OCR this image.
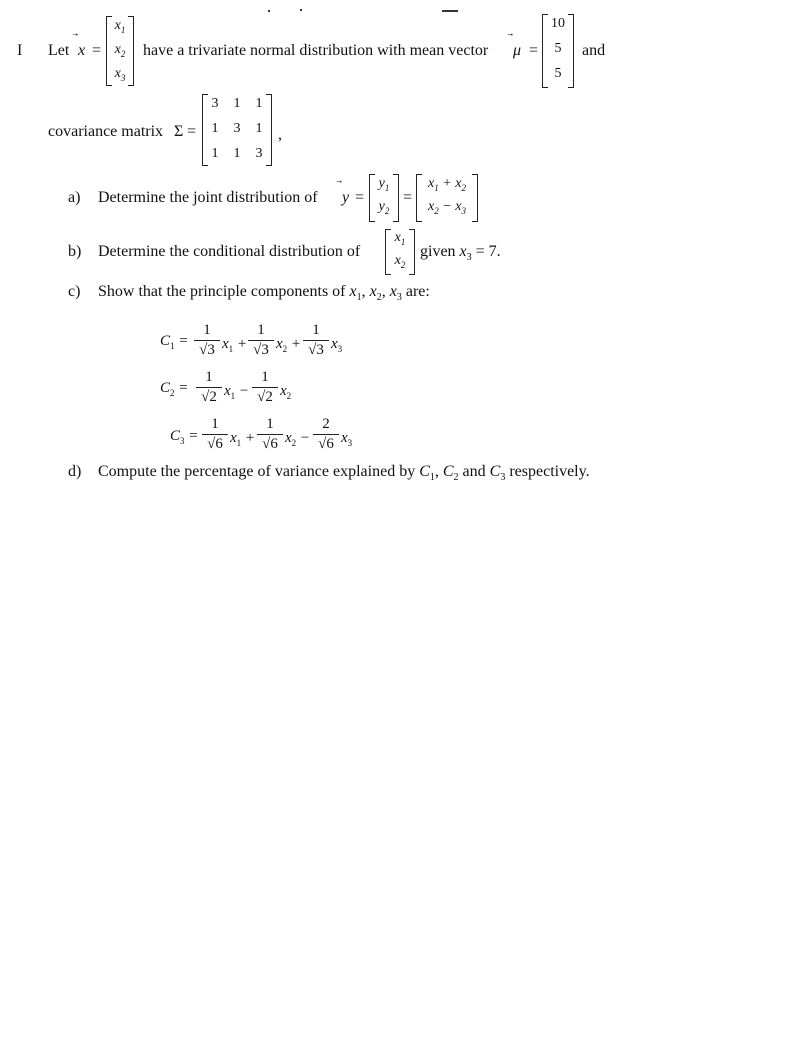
I Let x =
$x_1$
$x_2$
$x_3$
have a trivariate normal distribution with mean vector μ =
10
5
5
and
covariance matrix Σ =
3	1	1
1	3	1
1	1	3
,
a) Determine the joint distribution of y =
$y_1$
$y_2$
=
$x_1 + x_2$
$x_2 - x_3$
b) Determine the conditional distribution of
$x_1$
$x_2$
given $x_3 = 7$.
c) Show that the principle components of $x_1$, $x_2$, $x_3$ are:
$C_1$ =
1
√3 $x_1$ +
1
√3 $x_2$ +
1
√3 $x_3$
$C_2$ =
1
√2 $x_1$ −
1
√2 $x_2$
$C_3$ =
1
√6 $x_1$ +
1
√6 $x_2$ −
2
√6 $x_3$
d) Compute the percentage of variance explained by $C_1$, $C_2$ and $C_3$ respectively.
